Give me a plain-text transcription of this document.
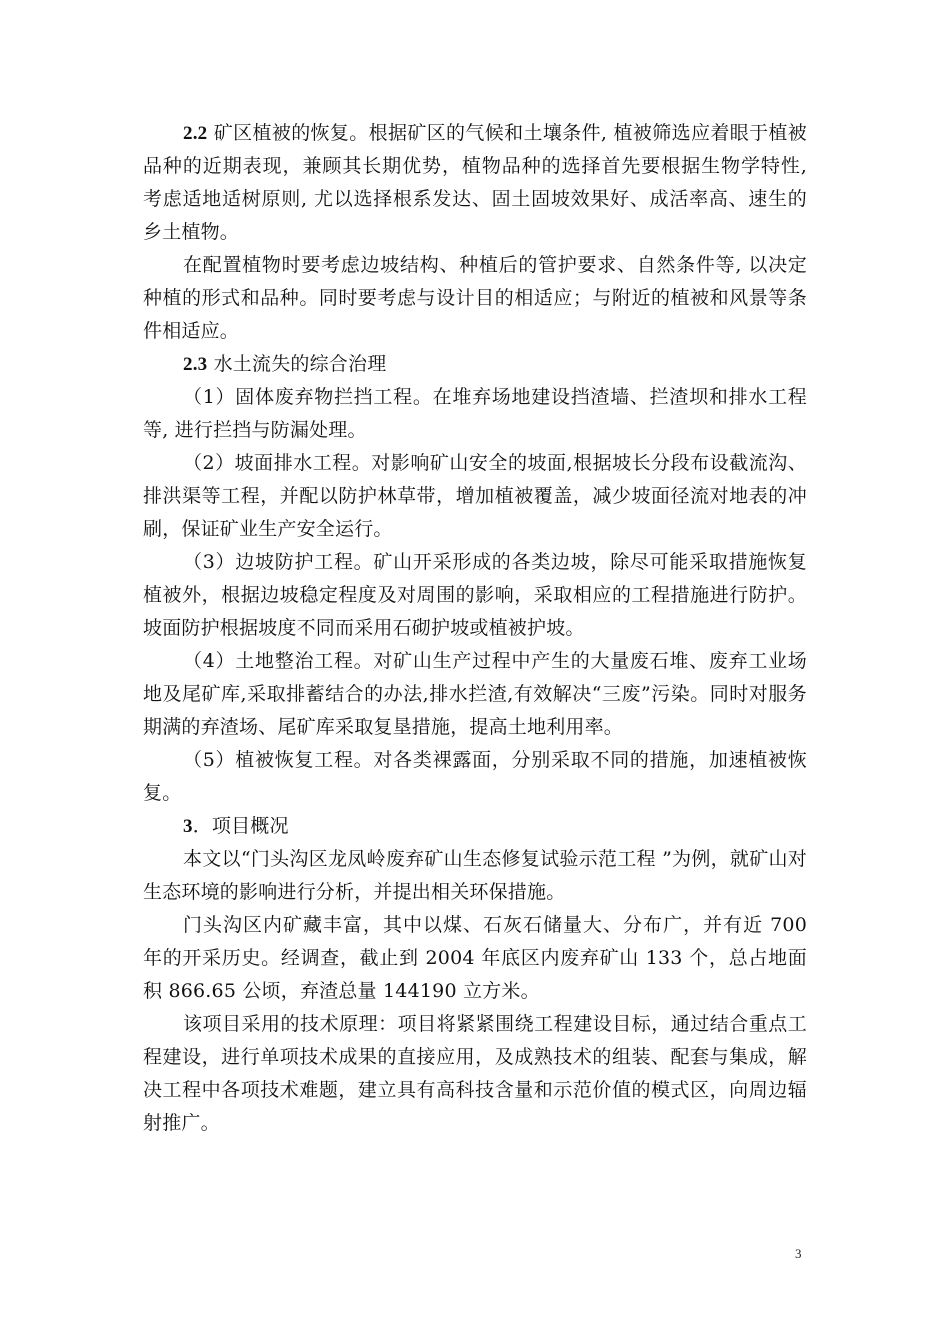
2.2 矿区植被的恢复。根据矿区的气候和土壤条件, 植被筛选应着眼于植被品种的近期表现，兼顾其长期优势，植物品种的选择首先要根据生物学特性, 考虑适地适树原则, 尤以选择根系发达、固土固坡效果好、成活率高、速生的乡土植物。

在配置植物时要考虑边坡结构、种植后的管护要求、自然条件等, 以决定种植的形式和品种。同时要考虑与设计目的相适应；与附近的植被和风景等条件相适应。

2.3 水土流失的综合治理

（1）固体废弃物拦挡工程。在堆弃场地建设挡渣墙、拦渣坝和排水工程等, 进行拦挡与防漏处理。

（2）坡面排水工程。对影响矿山安全的坡面,根据坡长分段布设截流沟、排洪渠等工程，并配以防护林草带，增加植被覆盖，减少坡面径流对地表的冲刷，保证矿业生产安全运行。

（3）边坡防护工程。矿山开采形成的各类边坡，除尽可能采取措施恢复植被外，根据边坡稳定程度及对周围的影响，采取相应的工程措施进行防护。坡面防护根据坡度不同而采用石砌护坡或植被护坡。

（4）土地整治工程。对矿山生产过程中产生的大量废石堆、废弃工业场地及尾矿库,采取排蓄结合的办法,排水拦渣,有效解决“三废”污染。同时对服务期满的弃渣场、尾矿库采取复垦措施，提高土地利用率。

（5）植被恢复工程。对各类裸露面，分别采取不同的措施，加速植被恢复。

3．项目概况

本文以“门头沟区龙凤岭废弃矿山生态修复试验示范工程 ”为例，就矿山对生态环境的影响进行分析，并提出相关环保措施。

门头沟区内矿藏丰富，其中以煤、石灰石储量大、分布广，并有近 700 年的开采历史。经调查，截止到 2004 年底区内废弃矿山 133 个，总占地面积 866.65 公顷，弃渣总量 144190 立方米。

该项目采用的技术原理：项目将紧紧围绕工程建设目标，通过结合重点工程建设，进行单项技术成果的直接应用，及成熟技术的组装、配套与集成，解决工程中各项技术难题，建立具有高科技含量和示范价值的模式区，向周边辐射推广。

3
